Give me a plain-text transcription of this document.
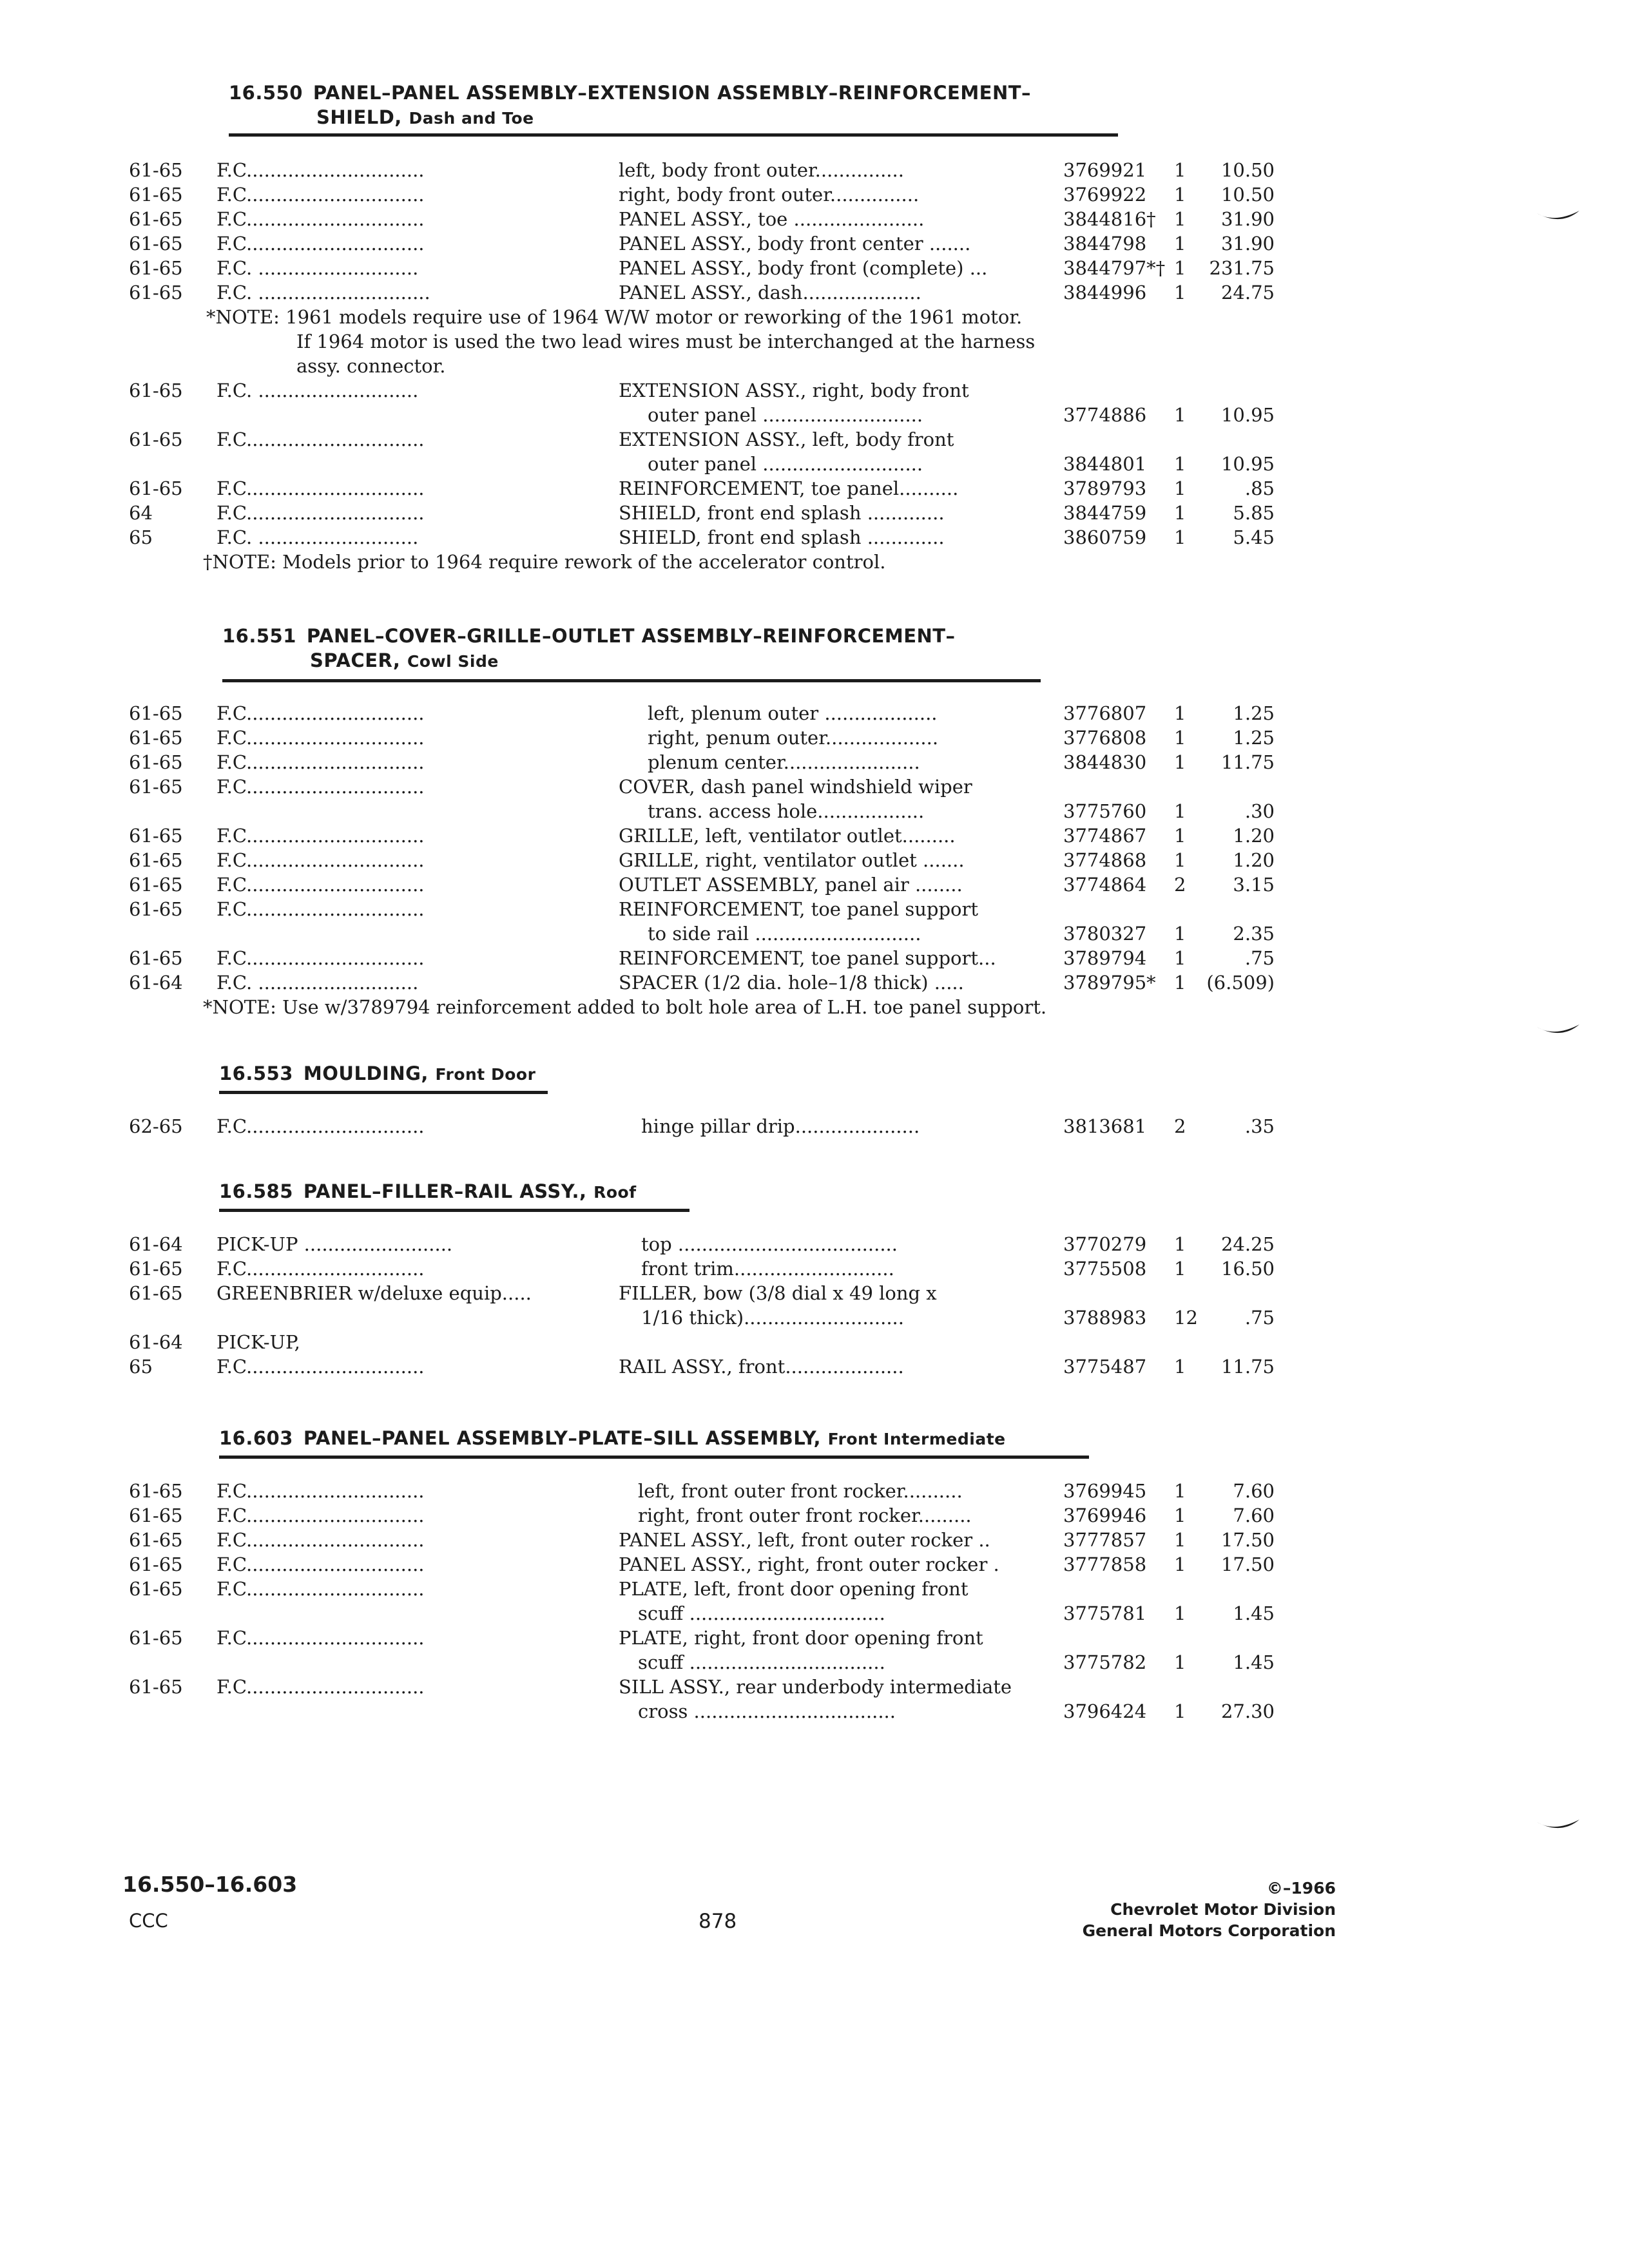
16.550 PANEL–PANEL ASSEMBLY–EXTENSION ASSEMBLY–REINFORCEMENT–
SHIELD, Dash and Toe
61-65 F.C..............................	left, body front outer...............	3769921 1 10.50
61-65 F.C..............................	right, body front outer...............	3769922 1 10.50
61-65 F.C..............................	PANEL ASSY., toe ......................	3844816† 1 31.90
61-65 F.C..............................	PANEL ASSY., body front center .......	3844798 1 31.90
61-65 F.C. ...........................	PANEL ASSY., body front (complete) ...	3844797*† 1 231.75
61-65 F.C. .............................	PANEL ASSY., dash....................	3844996 1 24.75
*NOTE: 1961 models require use of 1964 W/W motor or reworking of the 1961 motor.
If 1964 motor is used the two lead wires must be interchanged at the harness
assy. connector.
61-65 F.C. ...........................	EXTENSION ASSY., right, body front
outer panel ...........................	3774886 1 10.95
61-65 F.C..............................	EXTENSION ASSY., left, body front
outer panel ...........................	3844801 1 10.95
61-65 F.C..............................	REINFORCEMENT, toe panel..........	3789793 1	.85
64	F.C..............................	SHIELD, front end splash .............	3844759 1	5.85
65	F.C. ...........................	SHIELD, front end splash .............	3860759 1	5.45
†NOTE: Models prior to 1964 require rework of the accelerator control.
16.551 PANEL–COVER–GRILLE–OUTLET ASSEMBLY–REINFORCEMENT–
SPACER, Cowl Side
61-65 F.C..............................	left, plenum outer ...................	3776807 1	1.25
61-65 F.C..............................	right, penum outer...................	3776808 1	1.25
61-65 F.C..............................	plenum center.......................	3844830 1 11.75
61-65 F.C..............................	COVER, dash panel windshield wiper
trans. access hole..................	3775760 1	.30
61-65 F.C..............................	GRILLE, left, ventilator outlet.........	3774867 1	1.20
61-65 F.C..............................	GRILLE, right, ventilator outlet .......	3774868 1	1.20
61-65 F.C..............................	OUTLET ASSEMBLY, panel air ........	3774864 2	3.15
61-65 F.C..............................	REINFORCEMENT, toe panel support
to side rail ............................	3780327 1	2.35
61-65 F.C..............................	REINFORCEMENT, toe panel support...	3789794 1	.75
61-64 F.C. ...........................	SPACER (1/2 dia. hole–1/8 thick) .....	3789795* 1 (6.509)
*NOTE: Use w/3789794 reinforcement added to bolt hole area of L.H. toe panel support.
16.553 MOULDING, Front Door
62-65 F.C..............................	hinge pillar drip.....................	3813681 2	.35
16.585 PANEL–FILLER–RAIL ASSY., Roof
61-64 PICK-UP .........................	top .....................................	3770279 1 24.25
61-65 F.C..............................	front trim...........................	3775508 1 16.50
61-65 GREENBRIER w/deluxe equip.....	FILLER, bow (3/8 dial x 49 long x
1/16 thick)...........................	3788983 12	.75
61-64 PICK-UP,
65	F.C..............................	RAIL ASSY., front....................	3775487 1 11.75
16.603 PANEL–PANEL ASSEMBLY–PLATE–SILL ASSEMBLY, Front Intermediate
61-65 F.C..............................	left, front outer front rocker..........	3769945 1	7.60
61-65 F.C..............................	right, front outer front rocker.........	3769946 1	7.60
61-65 F.C..............................	PANEL ASSY., left, front outer rocker ..	3777857 1 17.50
61-65 F.C..............................	PANEL ASSY., right, front outer rocker .	3777858 1 17.50
61-65 F.C..............................	PLATE, left, front door opening front
scuff .................................	3775781 1	1.45
61-65 F.C..............................	PLATE, right, front door opening front
scuff .................................	3775782 1	1.45
61-65 F.C..............................	SILL ASSY., rear underbody intermediate
cross ..................................	3796424 1 27.30
16.550–16.603
CCC	878
©–1966
Chevrolet Motor Division
General Motors Corporation
